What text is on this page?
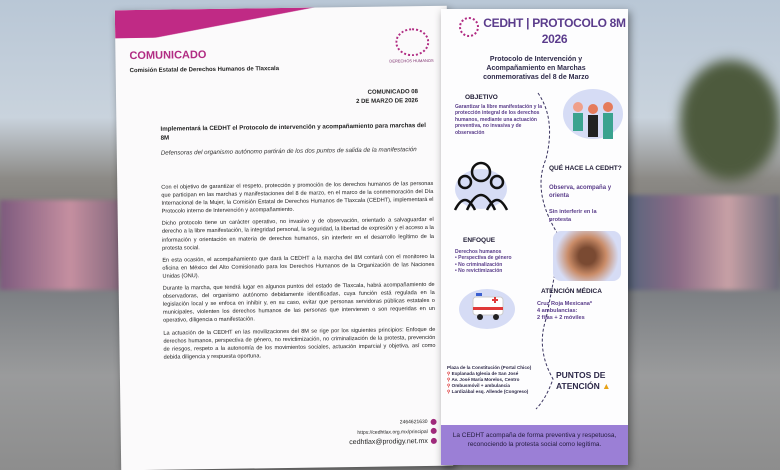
COMUNICADO
Comisión Estatal de Derechos Humanos de Tlaxcala
DERECHOS HUMANOS
COMUNICADO 08
2 DE MARZO DE 2026
Implementará la CEDHT el Protocolo de intervención y acompañamiento para marchas del 8M
Defensoras del organismo autónomo partirán de los dos puntos de salida de la manifestación

Con el objetivo de garantizar el respeto, protección y promoción de los derechos humanos de las personas que participan en las marchas y manifestaciones del 8 de marzo, en el marco de la conmemoración del Día Internacional de la Mujer, la Comisión Estatal de Derechos Humanos de Tlaxcala (CEDHT), implementará el Protocolo interno de Intervención y acompañamiento.

Dicho protocolo tiene un carácter operativo, no invasivo y de observación, orientado a salvaguardar el derecho a la libre manifestación, la integridad personal, la seguridad, la libertad de expresión y el acceso a la información y orientación en materia de derechos humanos, sin interferir en el desarrollo legítimo de la protesta social.

En esta ocasión, el acompañamiento que dará la CEDHT a la marcha del 8M contará con el monitoreo la oficina en México del Alto Comisionado para los Derechos Humanos de la Organización de las Naciones Unidas (ONU).

Durante la marcha, que tendrá lugar en algunos puntos del estado de Tlaxcala, habrá acompañamiento de observadoras, del organismo autónomo debidamente identificadas, cuya función está regulada en la legislación local y se enfoca en inhibir y, en su caso, evitar que personas servidoras públicas estatales o municipales, violenten los derechos humanos de las personas que intervienen o son requeridas en un operativo, diligencia o manifestación.

La actuación de la CEDHT en las movilizaciones del 8M se rige por los siguientes principios: Enfoque de derechos humanos, perspectiva de género, no revictimización, no criminalización de la protesta, prevención de riesgos, respeto a la autonomía de los movimientos sociales, actuación imparcial y objetiva, así como debida diligencia y respuesta oportuna.

2464621630
https://cedhtlax.org.mx/principal
cedhtlax@prodigy.net.mx
CEDHT | PROTOCOLO 8M 2026
Protocolo de Intervención y Acompañamiento en Marchas conmemorativas del 8 de Marzo
OBJETIVO
Garantizar la libre manifestación y la protección integral de los derechos humanos, mediante una actuación preventiva, no invasiva y de observación
QUÉ HACE LA CEDHT?
Observa, acompaña y orienta
Sin interferir en la protesta
ENFOQUE
Derechos humanos
• Perspectiva de género
• No criminalización
• No revictimización
ATENCIÓN MÉDICA
Cruz Roja Mexicana*
4 ambulancias:
2 fijas + 2 móviles
Plaza de la Constitución (Portal Chico)
⚲ Explanada Iglesia de San José
⚲ Av. José María Morelos, Centro
⚲ Ombusmóvil + ambulancia
⚲ Lardizábal esq. Allende (Congreso)
PUNTOS DE ATENCIÓN ▲
La CEDHT acompaña de forma preventiva y respetuosa, reconociendo la protesta social como legítima.
